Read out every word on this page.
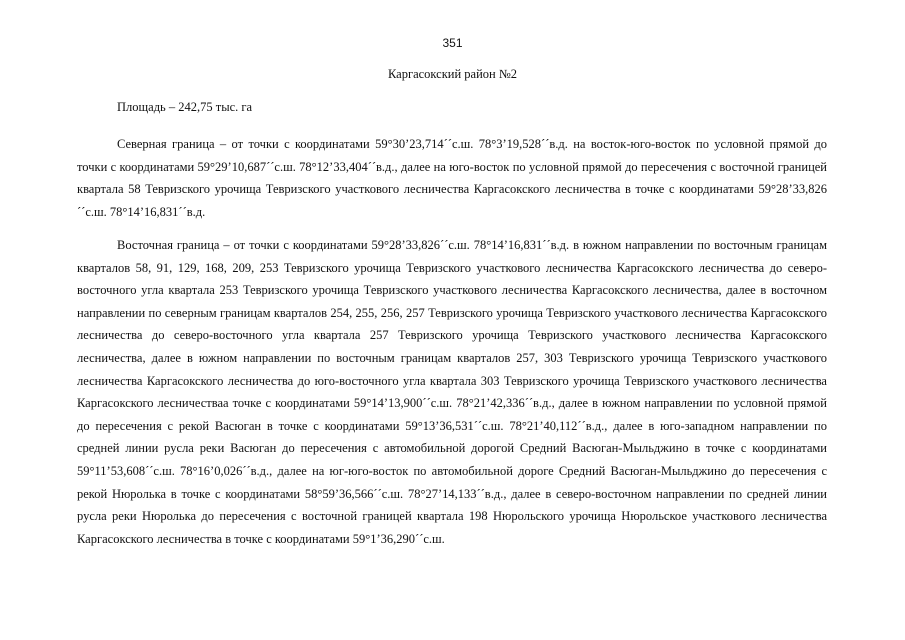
351
Каргасокский район №2
Площадь – 242,75 тыс. га

Северная граница – от точки с координатами 59°30’23,714´´с.ш. 78°3’19,528´´в.д. на восток-юго-восток по условной прямой до точки с координатами 59°29’10,687´´с.ш. 78°12’33,404´´в.д., далее на юго-восток по условной прямой до пересечения с восточной границей квартала 58 Тевризского урочища Тевризского участкового лесничества Каргасокского лесничества в точке с координатами 59°28’33,826´´с.ш. 78°14’16,831´´в.д.

Восточная граница – от точки с координатами 59°28’33,826´´с.ш. 78°14’16,831´´в.д. в южном направлении по восточным границам кварталов 58, 91, 129, 168, 209, 253 Тевризского урочища Тевризского участкового лесничества Каргасокского лесничества до северо-восточного угла квартала 253 Тевризского урочища Тевризского участкового лесничества Каргасокского лесничества, далее в восточном направлении по северным границам кварталов 254, 255, 256, 257 Тевризского урочища Тевризского участкового лесничества Каргасокского лесничества до северо-восточного угла квартала 257 Тевризского урочища Тевризского участкового лесничества Каргасокского лесничества, далее в южном направлении по восточным границам кварталов 257, 303 Тевризского урочища Тевризского участкового лесничества Каргасокского лесничества до юго-восточного угла квартала 303 Тевризского урочища Тевризского участкового лесничества Каргасокского лесничестваа точке с координатами 59°14’13,900´´с.ш. 78°21’42,336´´в.д., далее в южном направлении по условной прямой до пересечения с рекой Васюган в точке с координатами 59°13’36,531´´с.ш. 78°21’40,112´´в.д., далее в юго-западном направлении по средней линии русла реки Васюган до пересечения с автомобильной дорогой Средний Васюган-Мыльджино в точке с координатами 59°11’53,608´´с.ш. 78°16’0,026´´в.д., далее на юг-юго-восток по автомобильной дороге Средний Васюган-Мыльджино до пересечения с рекой Нюролька в точке с координатами 58°59’36,566´´с.ш. 78°27’14,133´´в.д., далее в северо-восточном направлении по средней линии русла реки Нюролька до пересечения с восточной границей квартала 198 Нюрольского урочища Нюрольское участкового лесничества Каргасокского лесничества в точке с координатами 59°1’36,290´´с.ш.
